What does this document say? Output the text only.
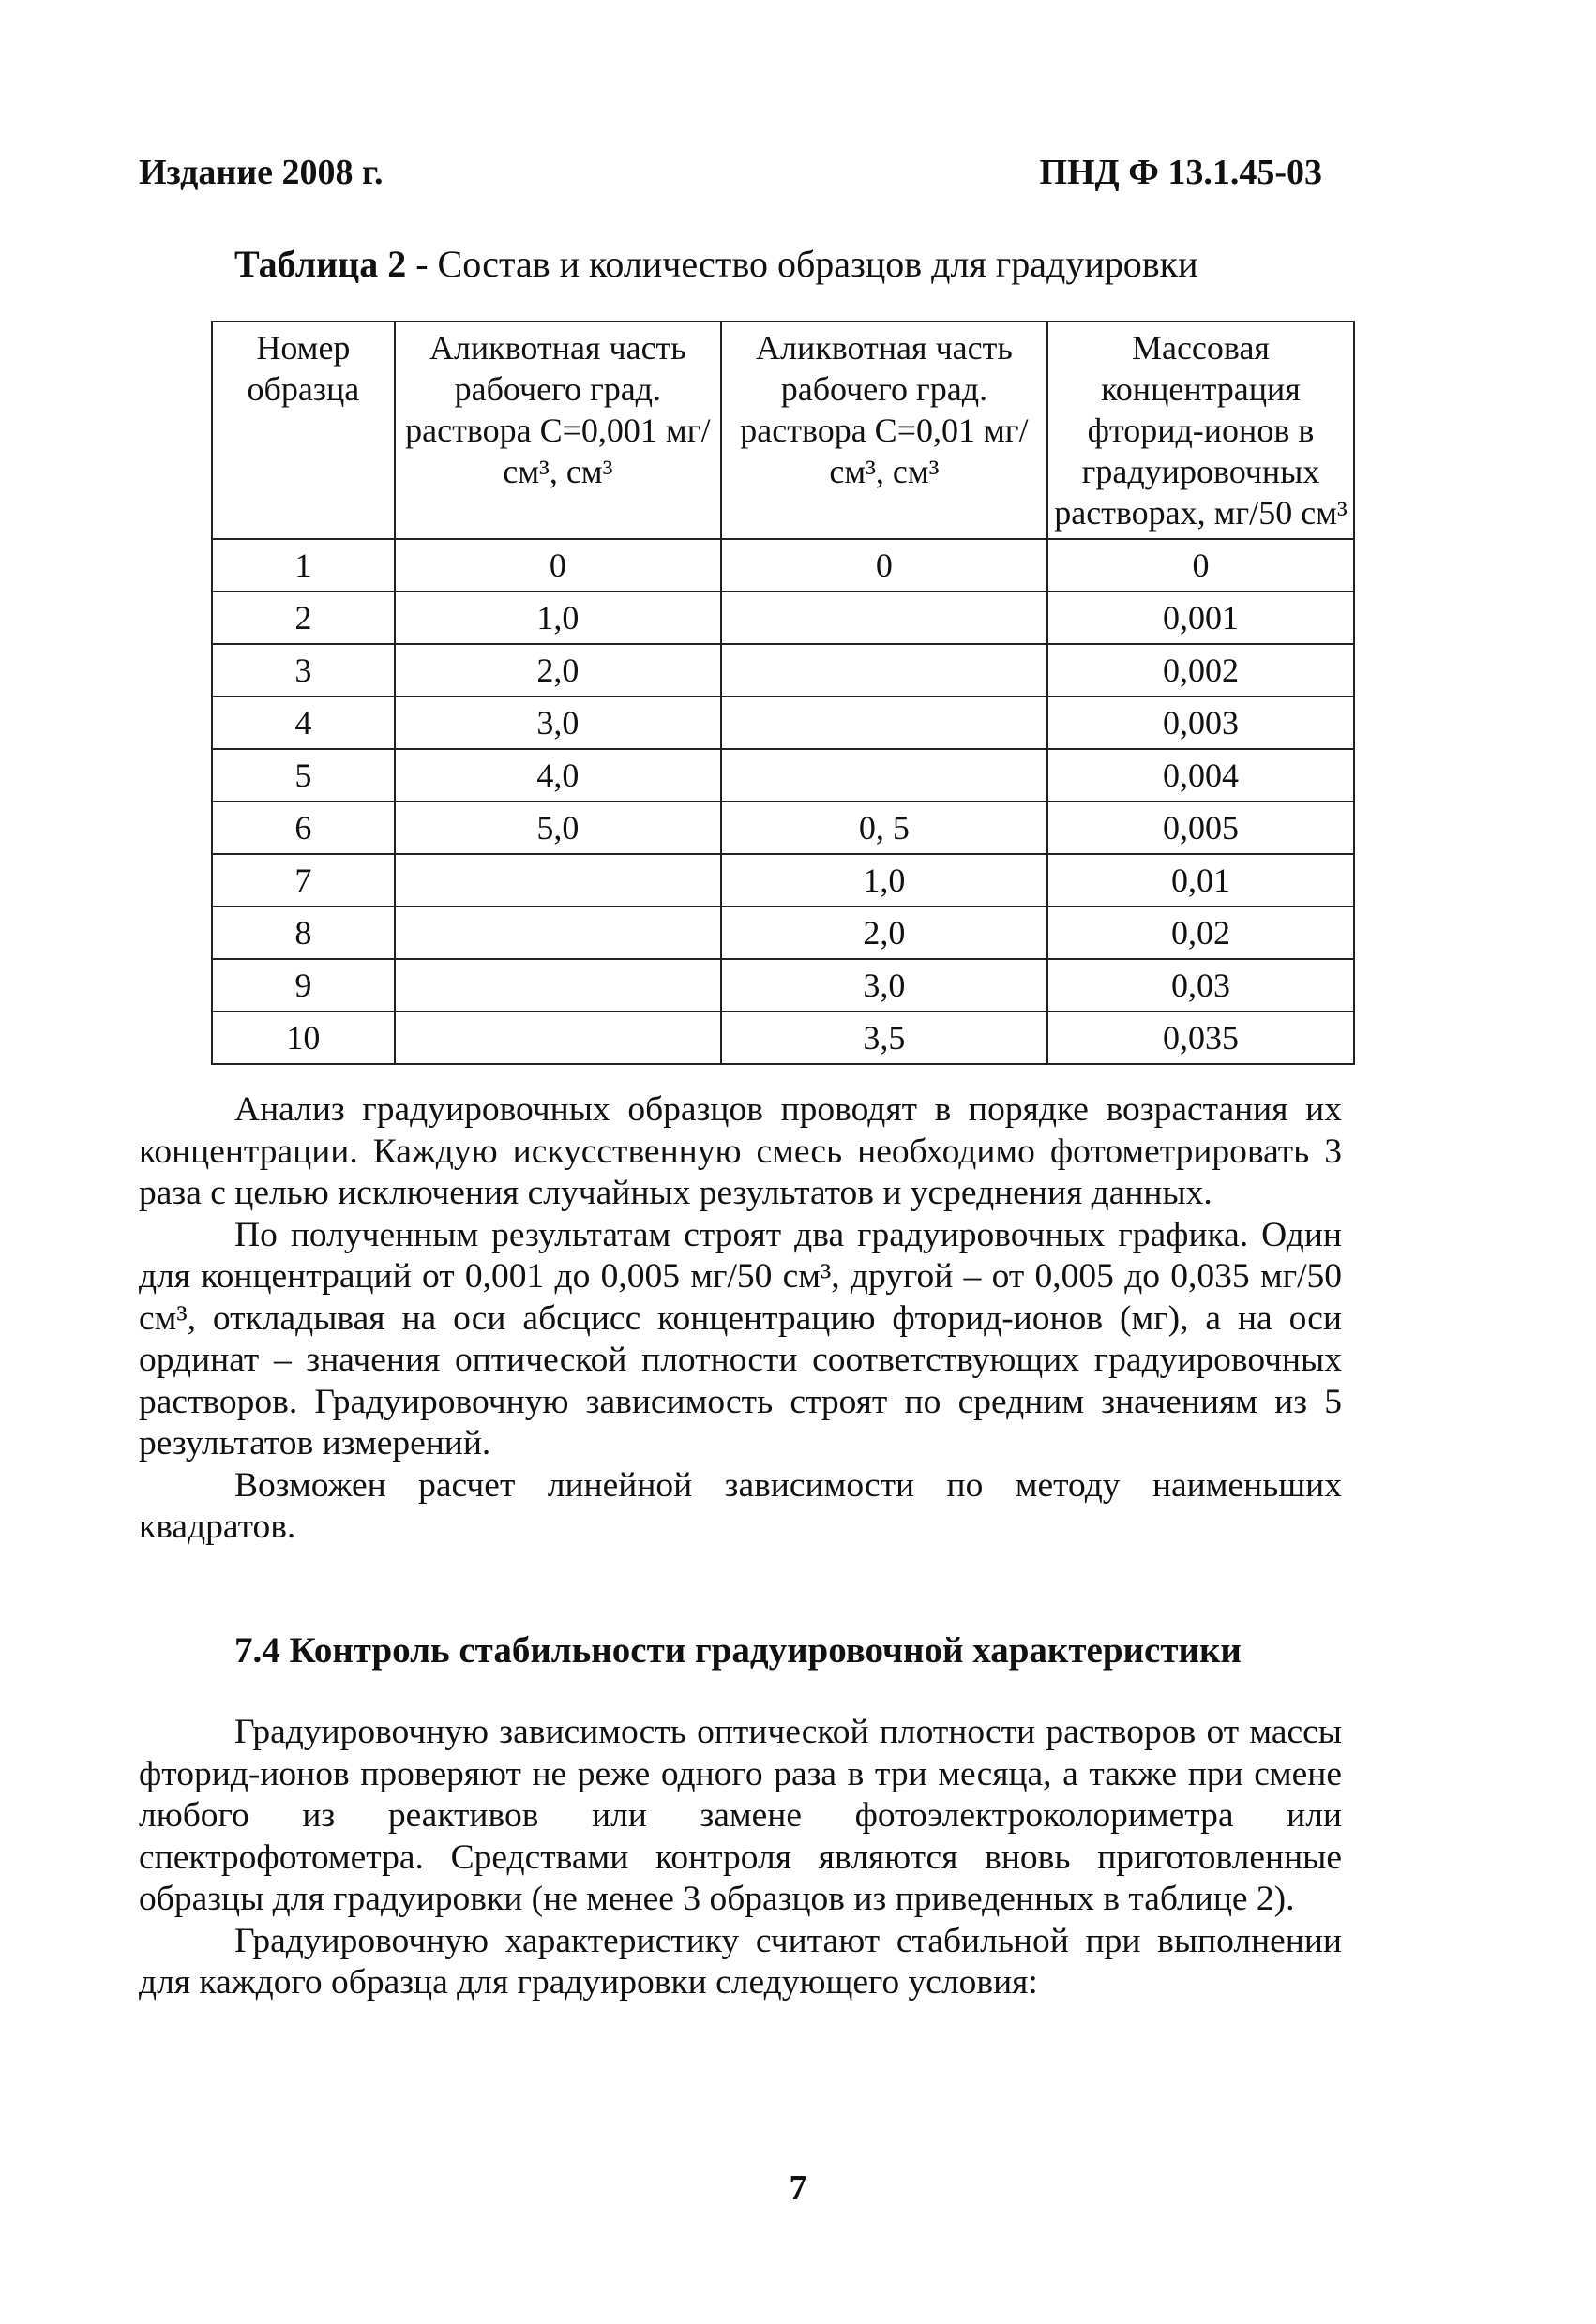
Издание 2008 г.	ПНД Ф 13.1.45-03
Таблица 2 - Состав и количество образцов для градуировки
Номер образца	Аликвотная часть рабочего град. раствора С=0,001 мг/см³, см³	Аликвотная часть рабочего град. раствора С=0,01 мг/см³, см³	Массовая концентрация фторид-ионов в градуировочных растворах, мг/50 см³
1	0	0	0
2	1,0		0,001
3	2,0		0,002
4	3,0		0,003
5	4,0		0,004
6	5,0	0, 5	0,005
7		1,0	0,01
8		2,0	0,02
9		3,0	0,03
10		3,5	0,035

Анализ градуировочных образцов проводят в порядке возрастания их концентрации. Каждую искусственную смесь необходимо фотометрировать 3 раза с целью исключения случайных результатов и усреднения данных.

По полученным результатам строят два градуировочных графика. Один для концентраций от 0,001 до 0,005 мг/50 см³, другой – от 0,005 до 0,035 мг/50 см³, откладывая на оси абсцисс концентрацию фторид-ионов (мг), а на оси ординат – значения оптической плотности соответствующих градуировочных растворов. Градуировочную зависимость строят по средним значениям из 5 результатов измерений.

Возможен расчет линейной зависимости по методу наименьших квадратов.

7.4 Контроль стабильности градуировочной характеристики

Градуировочную зависимость оптической плотности растворов от массы фторид-ионов проверяют не реже одного раза в три месяца, а также при смене любого из реактивов или замене фотоэлектроколориметра или спектрофотометра. Средствами контроля являются вновь приготовленные образцы для градуировки (не менее 3 образцов из приведенных в таблице 2).

Градуировочную характеристику считают стабильной при выполнении для каждого образца для градуировки следующего условия:

7
